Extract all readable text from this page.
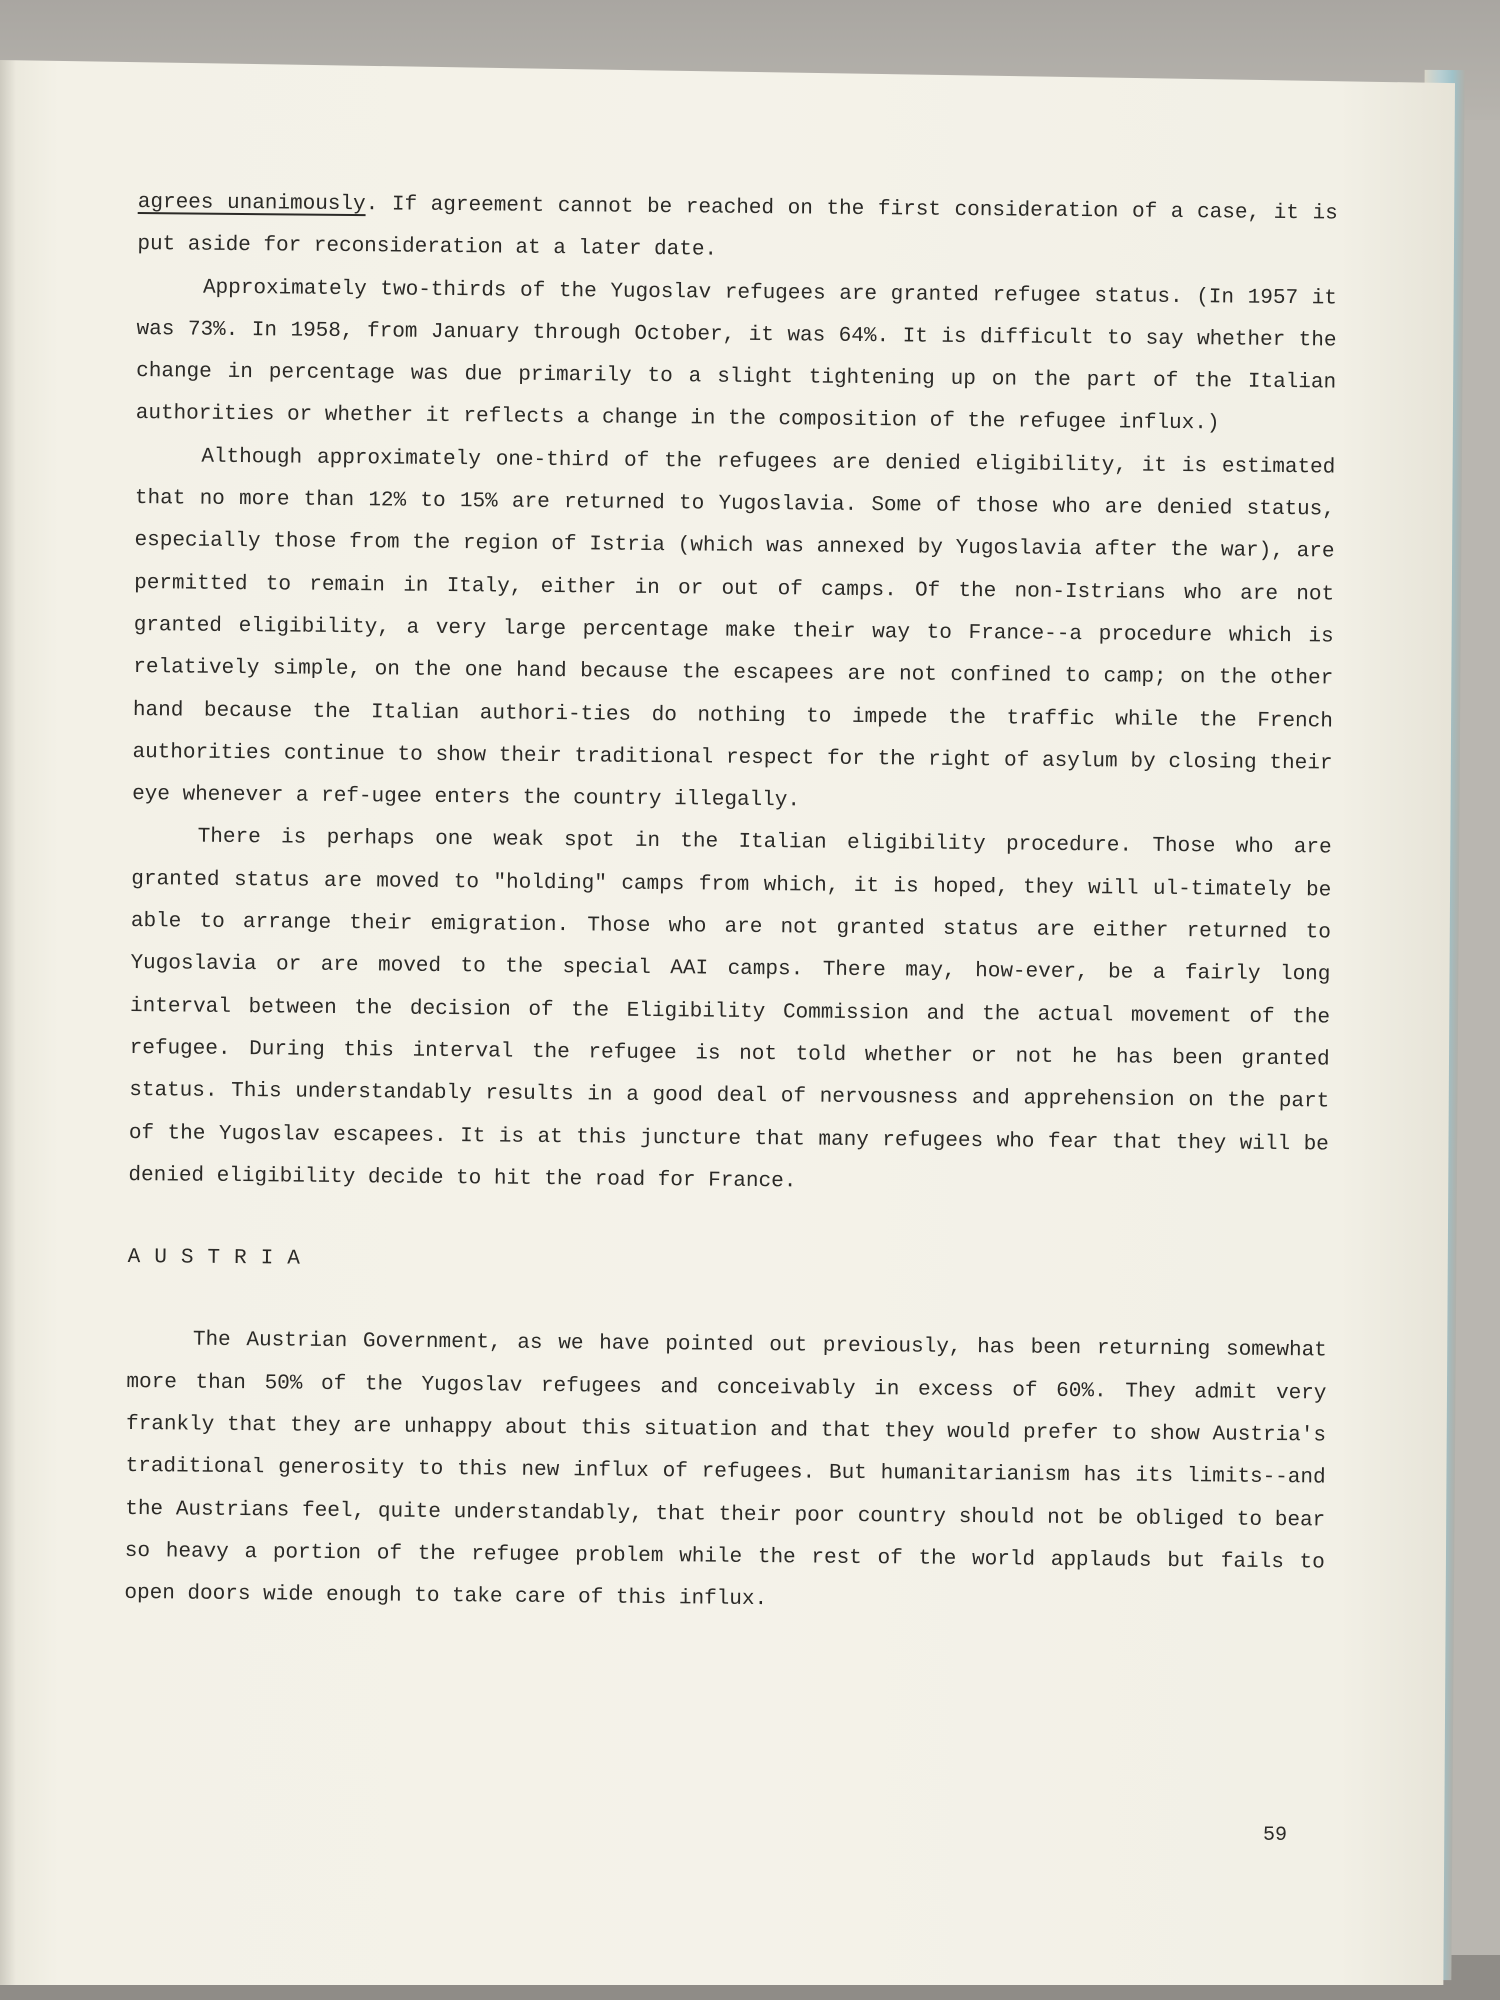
agrees unanimously. If agreement cannot be reached on the first consideration of a case, it is put aside for reconsideration at a later date.

Approximately two-thirds of the Yugoslav refugees are granted refugee status. (In 1957 it was 73%. In 1958, from January through October, it was 64%. It is difficult to say whether the change in percentage was due primarily to a slight tightening up on the part of the Italian authorities or whether it reflects a change in the composition of the refugee influx.)

Although approximately one-third of the refugees are denied eligibility, it is estimated that no more than 12% to 15% are returned to Yugoslavia. Some of those who are denied status, especially those from the region of Istria (which was annexed by Yugoslavia after the war), are permitted to remain in Italy, either in or out of camps. Of the non-Istrians who are not granted eligibility, a very large percentage make their way to France--a procedure which is relatively simple, on the one hand because the escapees are not confined to camp; on the other hand because the Italian authori-ties do nothing to impede the traffic while the French authorities continue to show their traditional respect for the right of asylum by closing their eye whenever a ref-ugee enters the country illegally.

There is perhaps one weak spot in the Italian eligibility procedure. Those who are granted status are moved to "holding" camps from which, it is hoped, they will ul-timately be able to arrange their emigration. Those who are not granted status are either returned to Yugoslavia or are moved to the special AAI camps. There may, how-ever, be a fairly long interval between the decision of the Eligibility Commission and the actual movement of the refugee. During this interval the refugee is not told whether or not he has been granted status. This understandably results in a good deal of nervousness and apprehension on the part of the Yugoslav escapees. It is at this juncture that many refugees who fear that they will be denied eligibility decide to hit the road for France.

AUSTRIA

The Austrian Government, as we have pointed out previously, has been returning somewhat more than 50% of the Yugoslav refugees and conceivably in excess of 60%. They admit very frankly that they are unhappy about this situation and that they would prefer to show Austria's traditional generosity to this new influx of refugees. But humanitarianism has its limits--and the Austrians feel, quite understandably, that their poor country should not be obliged to bear so heavy a portion of the refugee problem while the rest of the world applauds but fails to open doors wide enough to take care of this influx.

59
